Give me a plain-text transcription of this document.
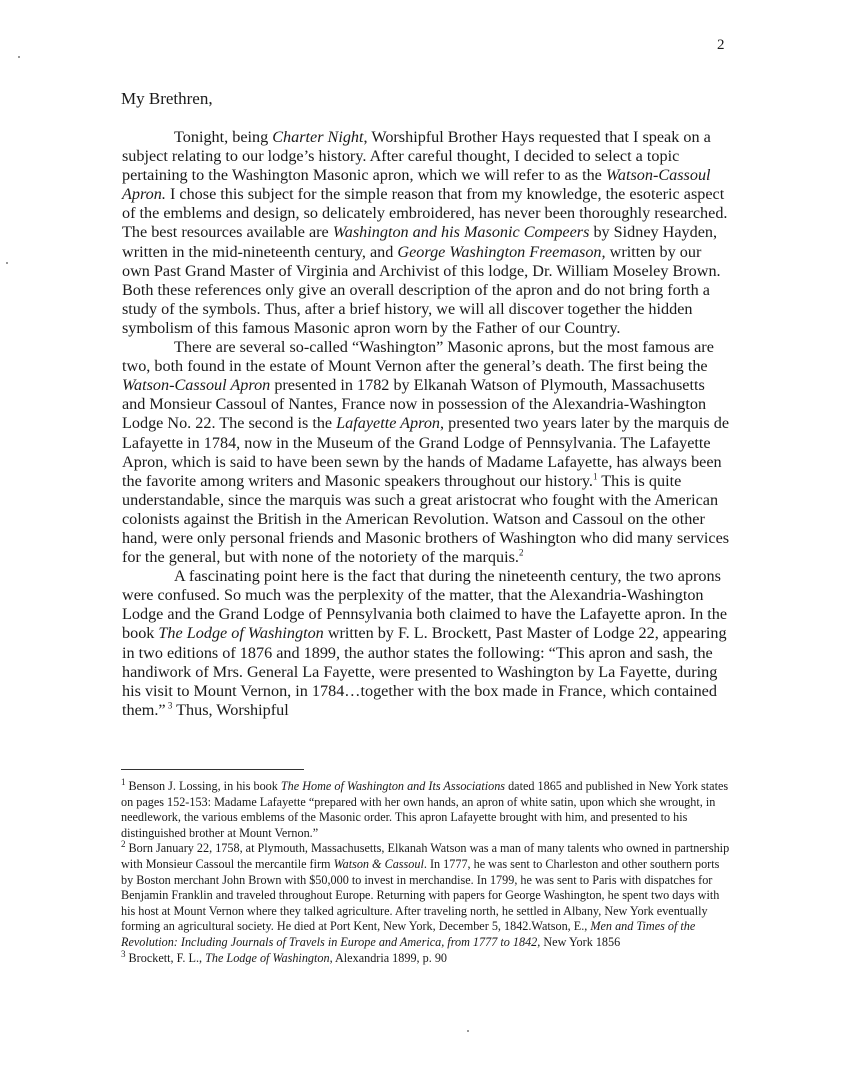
2
My Brethren,

Tonight, being Charter Night, Worshipful Brother Hays requested that I speak on a subject relating to our lodge’s history. After careful thought, I decided to select a topic pertaining to the Washington Masonic apron, which we will refer to as the Watson-Cassoul Apron. I chose this subject for the simple reason that from my knowledge, the esoteric aspect of the emblems and design, so delicately embroidered, has never been thoroughly researched. The best resources available are Washington and his Masonic Compeers by Sidney Hayden, written in the mid-nineteenth century, and George Washington Freemason, written by our own Past Grand Master of Virginia and Archivist of this lodge, Dr. William Moseley Brown. Both these references only give an overall description of the apron and do not bring forth a study of the symbols. Thus, after a brief history, we will all discover together the hidden symbolism of this famous Masonic apron worn by the Father of our Country.

There are several so-called “Washington” Masonic aprons, but the most famous are two, both found in the estate of Mount Vernon after the general’s death. The first being the Watson-Cassoul Apron presented in 1782 by Elkanah Watson of Plymouth, Massachusetts and Monsieur Cassoul of Nantes, France now in possession of the Alexandria-Washington Lodge No. 22. The second is the Lafayette Apron, presented two years later by the marquis de Lafayette in 1784, now in the Museum of the Grand Lodge of Pennsylvania. The Lafayette Apron, which is said to have been sewn by the hands of Madame Lafayette, has always been the favorite among writers and Masonic speakers throughout our history.$^1$ This is quite understandable, since the marquis was such a great aristocrat who fought with the American colonists against the British in the American Revolution. Watson and Cassoul on the other hand, were only personal friends and Masonic brothers of Washington who did many services for the general, but with none of the notoriety of the marquis.$^2$

A fascinating point here is the fact that during the nineteenth century, the two aprons were confused. So much was the perplexity of the matter, that the Alexandria-Washington Lodge and the Grand Lodge of Pennsylvania both claimed to have the Lafayette apron. In the book The Lodge of Washington written by F. L. Brockett, Past Master of Lodge 22, appearing in two editions of 1876 and 1899, the author states the following: “This apron and sash, the handiwork of Mrs. General La Fayette, were presented to Washington by La Fayette, during his visit to Mount Vernon, in 1784…together with the box made in France, which contained them.” $^3$ Thus, Worshipful

$^1$ Benson J. Lossing, in his book The Home of Washington and Its Associations dated 1865 and published in New York states on pages 152-153: Madame Lafayette “prepared with her own hands, an apron of white satin, upon which she wrought, in needlework, the various emblems of the Masonic order. This apron Lafayette brought with him, and presented to his distinguished brother at Mount Vernon.”

$^2$ Born January 22, 1758, at Plymouth, Massachusetts, Elkanah Watson was a man of many talents who owned in partnership with Monsieur Cassoul the mercantile firm Watson & Cassoul. In 1777, he was sent to Charleston and other southern ports by Boston merchant John Brown with $50,000 to invest in merchandise. In 1799, he was sent to Paris with dispatches for Benjamin Franklin and traveled throughout Europe. Returning with papers for George Washington, he spent two days with his host at Mount Vernon where they talked agriculture. After traveling north, he settled in Albany, New York eventually forming an agricultural society. He died at Port Kent, New York, December 5, 1842.Watson, E., Men and Times of the Revolution: Including Journals of Travels in Europe and America, from 1777 to 1842, New York 1856

$^3$ Brockett, F. L., The Lodge of Washington, Alexandria 1899, p. 90
